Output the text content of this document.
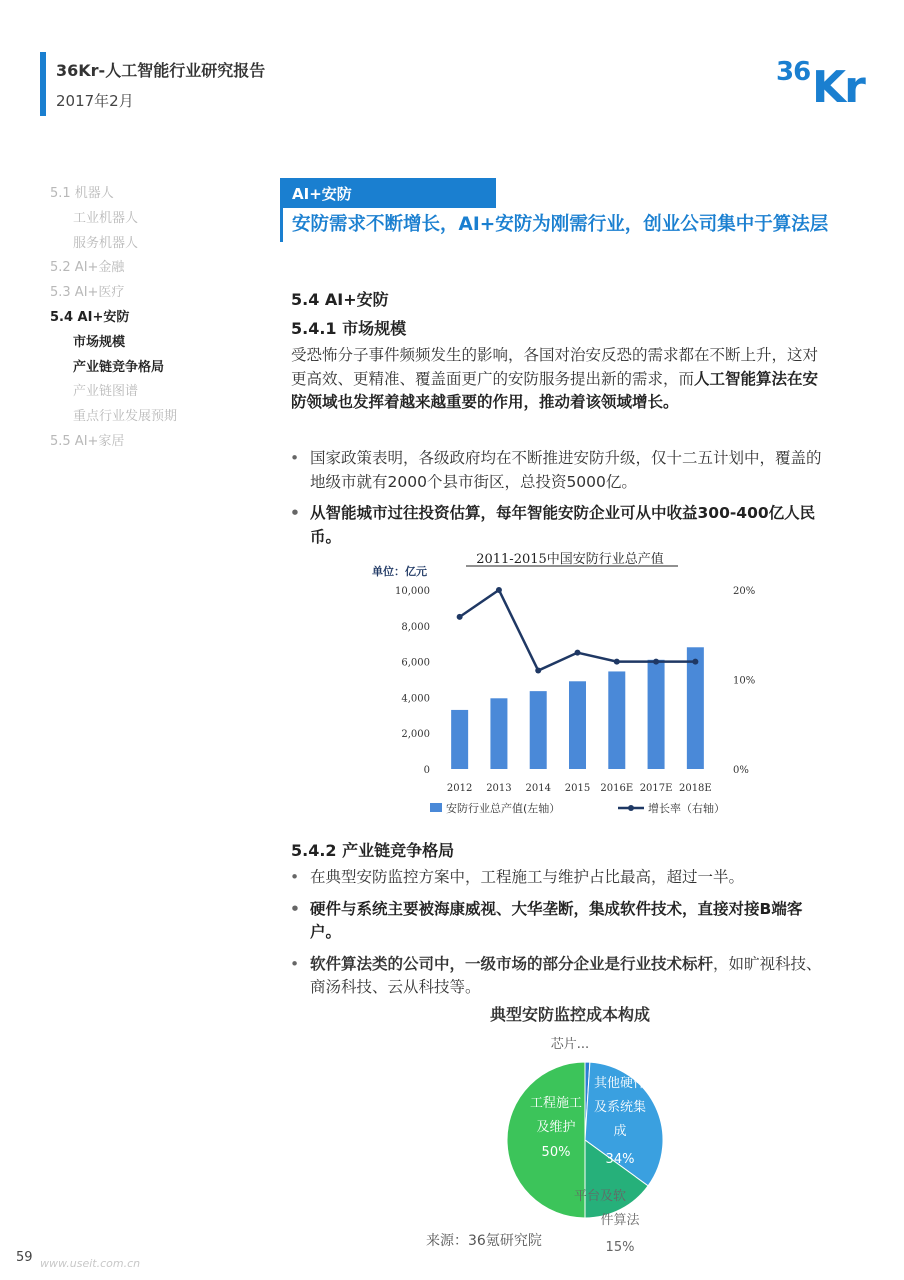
36Kr-人工智能行业研究报告
2017年2月
36 Kr
5.1 机器人
工业机器人
服务机器人
5.2 AI+金融
5.3 AI+医疗
5.4 AI+安防
市场规模
产业链竞争格局
产业链图谱
重点行业发展预期
5.5 AI+家居
AI+安防
安防需求不断增长，AI+安防为刚需行业，创业公司集中于算法层
5.4 AI+安防
5.4.1 市场规模
受恐怖分子事件频频发生的影响，各国对治安反恐的需求都在不断上升，这对更高效、更精准、覆盖面更广的安防服务提出新的需求，而人工智能算法在安防领域也发挥着越来越重要的作用，推动着该领域增长。
• 国家政策表明，各级政府均在不断推进安防升级，仅十二五计划中，覆盖的地级市就有2000个县市街区，总投资5000亿。
• 从智能城市过往投资估算，每年智能安防企业可从中收益300-400亿人民币。
2011-2015中国安防行业总产值
单位：亿元
0
2,000
4,000
6,000
8,000
10,000
0%
10%
20%
2012 2013 2014 2015 2016E 2017E 2018E
安防行业总产值(左轴）	增长率（右轴）
5.4.2 产业链竞争格局
• 在典型安防监控方案中，工程施工与维护占比最高，超过一半。
• 硬件与系统主要被海康威视、大华垄断，集成软件技术，直接对接B端客户。
• 软件算法类的公司中，一级市场的部分企业是行业技术标杆，如旷视科技、商汤科技、云从科技等。
典型安防监控成本构成
芯片...
其他硬件
及系统集
成
34%
平台及软
件算法
15%
工程施工
及维护
50%
来源：36氪研究院
59 www.useit.com.cn
